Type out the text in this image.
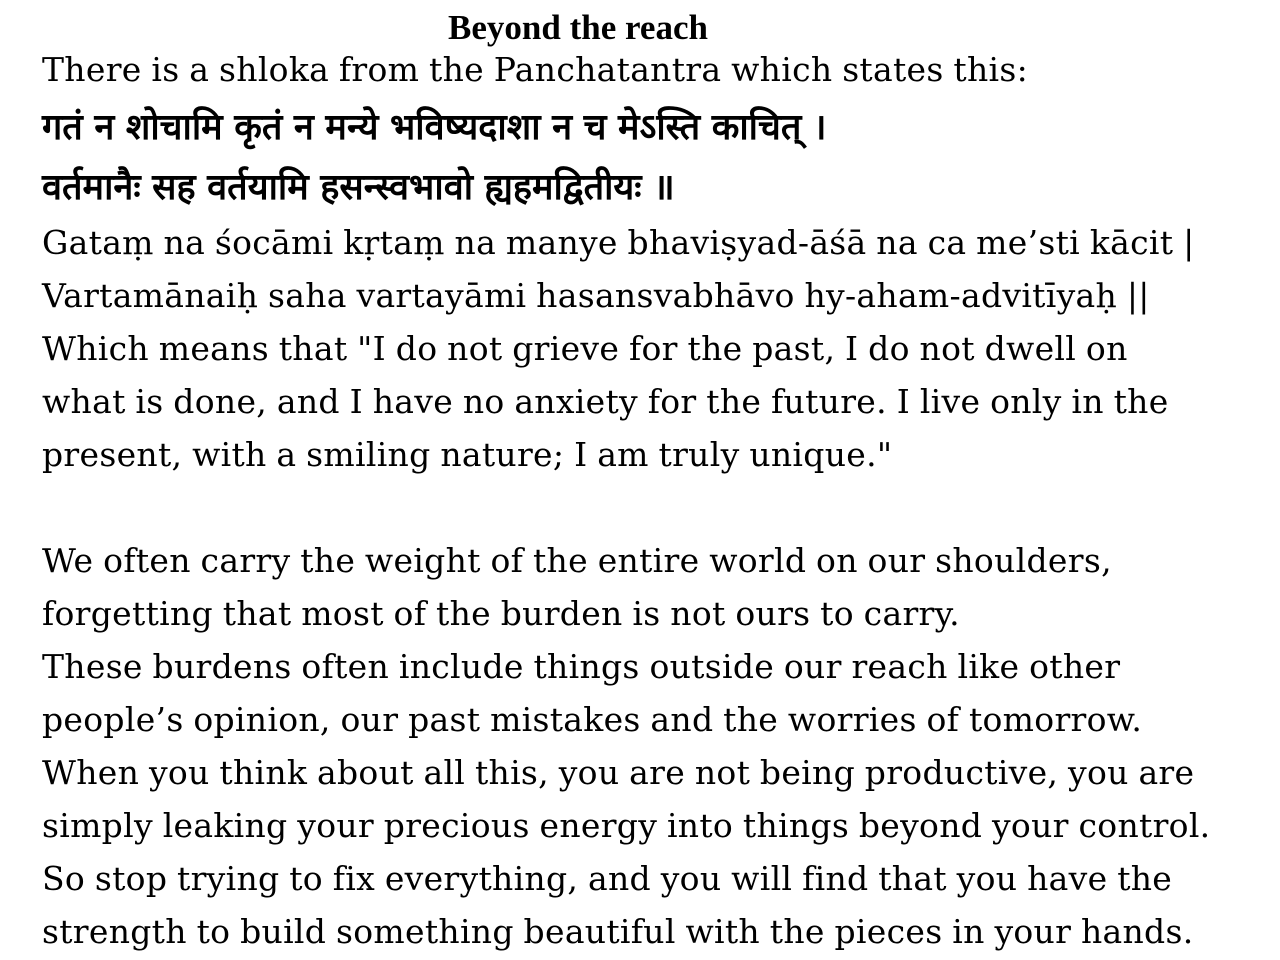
Beyond the reach
There is a shloka from the Panchatantra which states this:
गतं न शोचामि कृतं न मन्ये भविष्यदाशा न च मेऽस्ति काचित् ।
वर्तमानैः सह वर्तयामि हसन्स्वभावो ह्यहमद्वितीयः ॥
Gataṃ na śocāmi kṛtaṃ na manye bhaviṣyad-āśā na ca me’sti kācit |
Vartamānaiḥ saha vartayāmi hasansvabhāvo hy-aham-advitīyaḥ ||
Which means that "I do not grieve for the past, I do not dwell on
what is done, and I have no anxiety for the future. I live only in the
present, with a smiling nature; I am truly unique."
We often carry the weight of the entire world on our shoulders,
forgetting that most of the burden is not ours to carry.
These burdens often include things outside our reach like other
people’s opinion, our past mistakes and the worries of tomorrow.
When you think about all this, you are not being productive, you are
simply leaking your precious energy into things beyond your control.
So stop trying to fix everything, and you will find that you have the
strength to build something beautiful with the pieces in your hands.
